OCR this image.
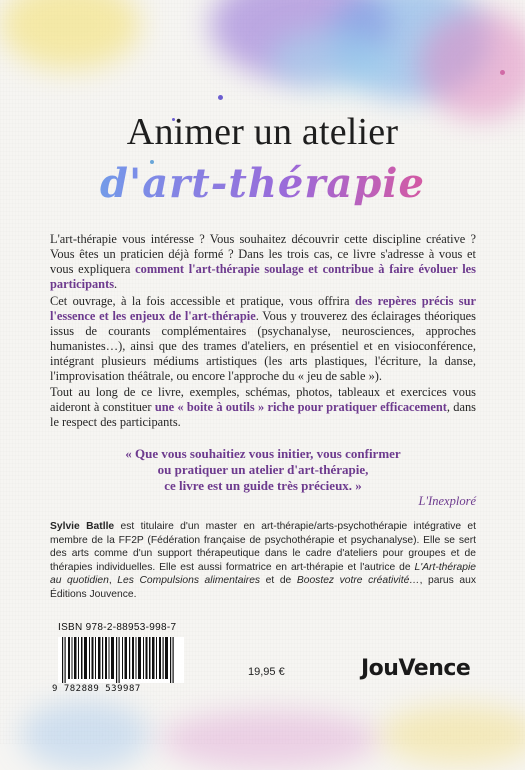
Animer un atelier
d'art-thérapie
L'art-thérapie vous intéresse ? Vous souhaitez découvrir cette discipline créative ? Vous êtes un praticien déjà formé ? Dans les trois cas, ce livre s'adresse à vous et vous expliquera comment l'art-thérapie soulage et contribue à faire évoluer les participants.
Cet ouvrage, à la fois accessible et pratique, vous offrira des repères précis sur l'essence et les enjeux de l'art-thérapie. Vous y trouverez des éclairages théoriques issus de courants complémentaires (psychanalyse, neurosciences, approches humanistes…), ainsi que des trames d'ateliers, en présentiel et en visioconférence, intégrant plusieurs médiums artistiques (les arts plastiques, l'écriture, la danse, l'improvisation théâtrale, ou encore l'approche du « jeu de sable »).
Tout au long de ce livre, exemples, schémas, photos, tableaux et exercices vous aideront à constituer une « boite à outils » riche pour pratiquer efficacement, dans le respect des participants.
« Que vous souhaitiez vous initier, vous confirmer
ou pratiquer un atelier d'art-thérapie,
ce livre est un guide très précieux. »
L'Inexploré
Sylvie Batlle est titulaire d'un master en art-thérapie/arts-psychothérapie intégrative et membre de la FF2P (Fédération française de psychothérapie et psychanalyse). Elle se sert des arts comme d'un support thérapeutique dans le cadre d'ateliers pour groupes et de thérapies individuelles. Elle est aussi formatrice en art-thérapie et l'autrice de L'Art-thérapie au quotidien, Les Compulsions alimentaires et de Boostez votre créativité…, parus aux Éditions Jouvence.
ISBN 978-2-88953-998-7
9 782889 539987
19,95 €	JouVence
